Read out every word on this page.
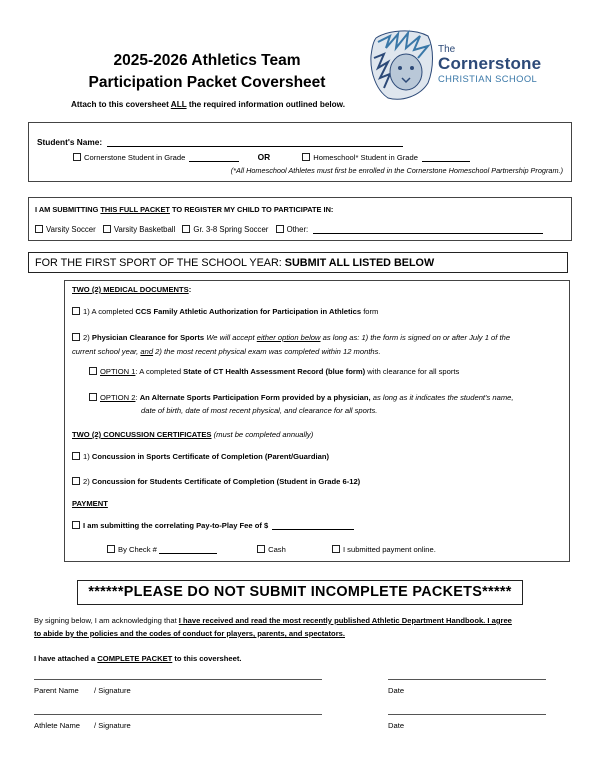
2025-2026 Athletics Team
Participation Packet Coversheet
Attach to this coversheet ALL the required information outlined below.
The
Cornerstone
CHRISTIAN SCHOOL
Student's Name:
Cornerstone Student in Grade	OR	Homeschool* Student in Grade
(*All Homeschool Athletes must first be enrolled in the Cornerstone Homeschool Partnership Program.)
I AM SUBMITTING THIS FULL PACKET TO REGISTER MY CHILD TO PARTICIPATE IN:
Varsity Soccer Varsity Basketball Gr. 3-8 Spring Soccer Other:
FOR THE FIRST SPORT OF THE SCHOOL YEAR: SUBMIT ALL LISTED BELOW
TWO (2) MEDICAL DOCUMENTS:
1) A completed CCS Family Athletic Authorization for Participation in Athletics form
2) Physician Clearance for Sports We will accept either option below as long as: 1) the form is signed on or after July 1 of the
current school year, and 2) the most recent physical exam was completed within 12 months.
OPTION 1: A completed State of CT Health Assessment Record (blue form) with clearance for all sports
OPTION 2: An Alternate Sports Participation Form provided by a physician, as long as it indicates the student's name,
date of birth, date of most recent physical, and clearance for all sports.
TWO (2) CONCUSSION CERTIFICATES (must be completed annually)
1) Concussion in Sports Certificate of Completion (Parent/Guardian)
2) Concussion for Students Certificate of Completion (Student in Grade 6-12)
PAYMENT
I am submitting the correlating Pay-to-Play Fee of $
By Check #	Cash	I submitted payment online.
******PLEASE DO NOT SUBMIT INCOMPLETE PACKETS*****
By signing below, I am acknowledging that I have received and read the most recently published Athletic Department Handbook. I agree
to abide by the policies and the codes of conduct for players, parents, and spectators.
I have attached a COMPLETE PACKET to this coversheet.
Parent Name / Signature	Date
Athlete Name / Signature	Date
